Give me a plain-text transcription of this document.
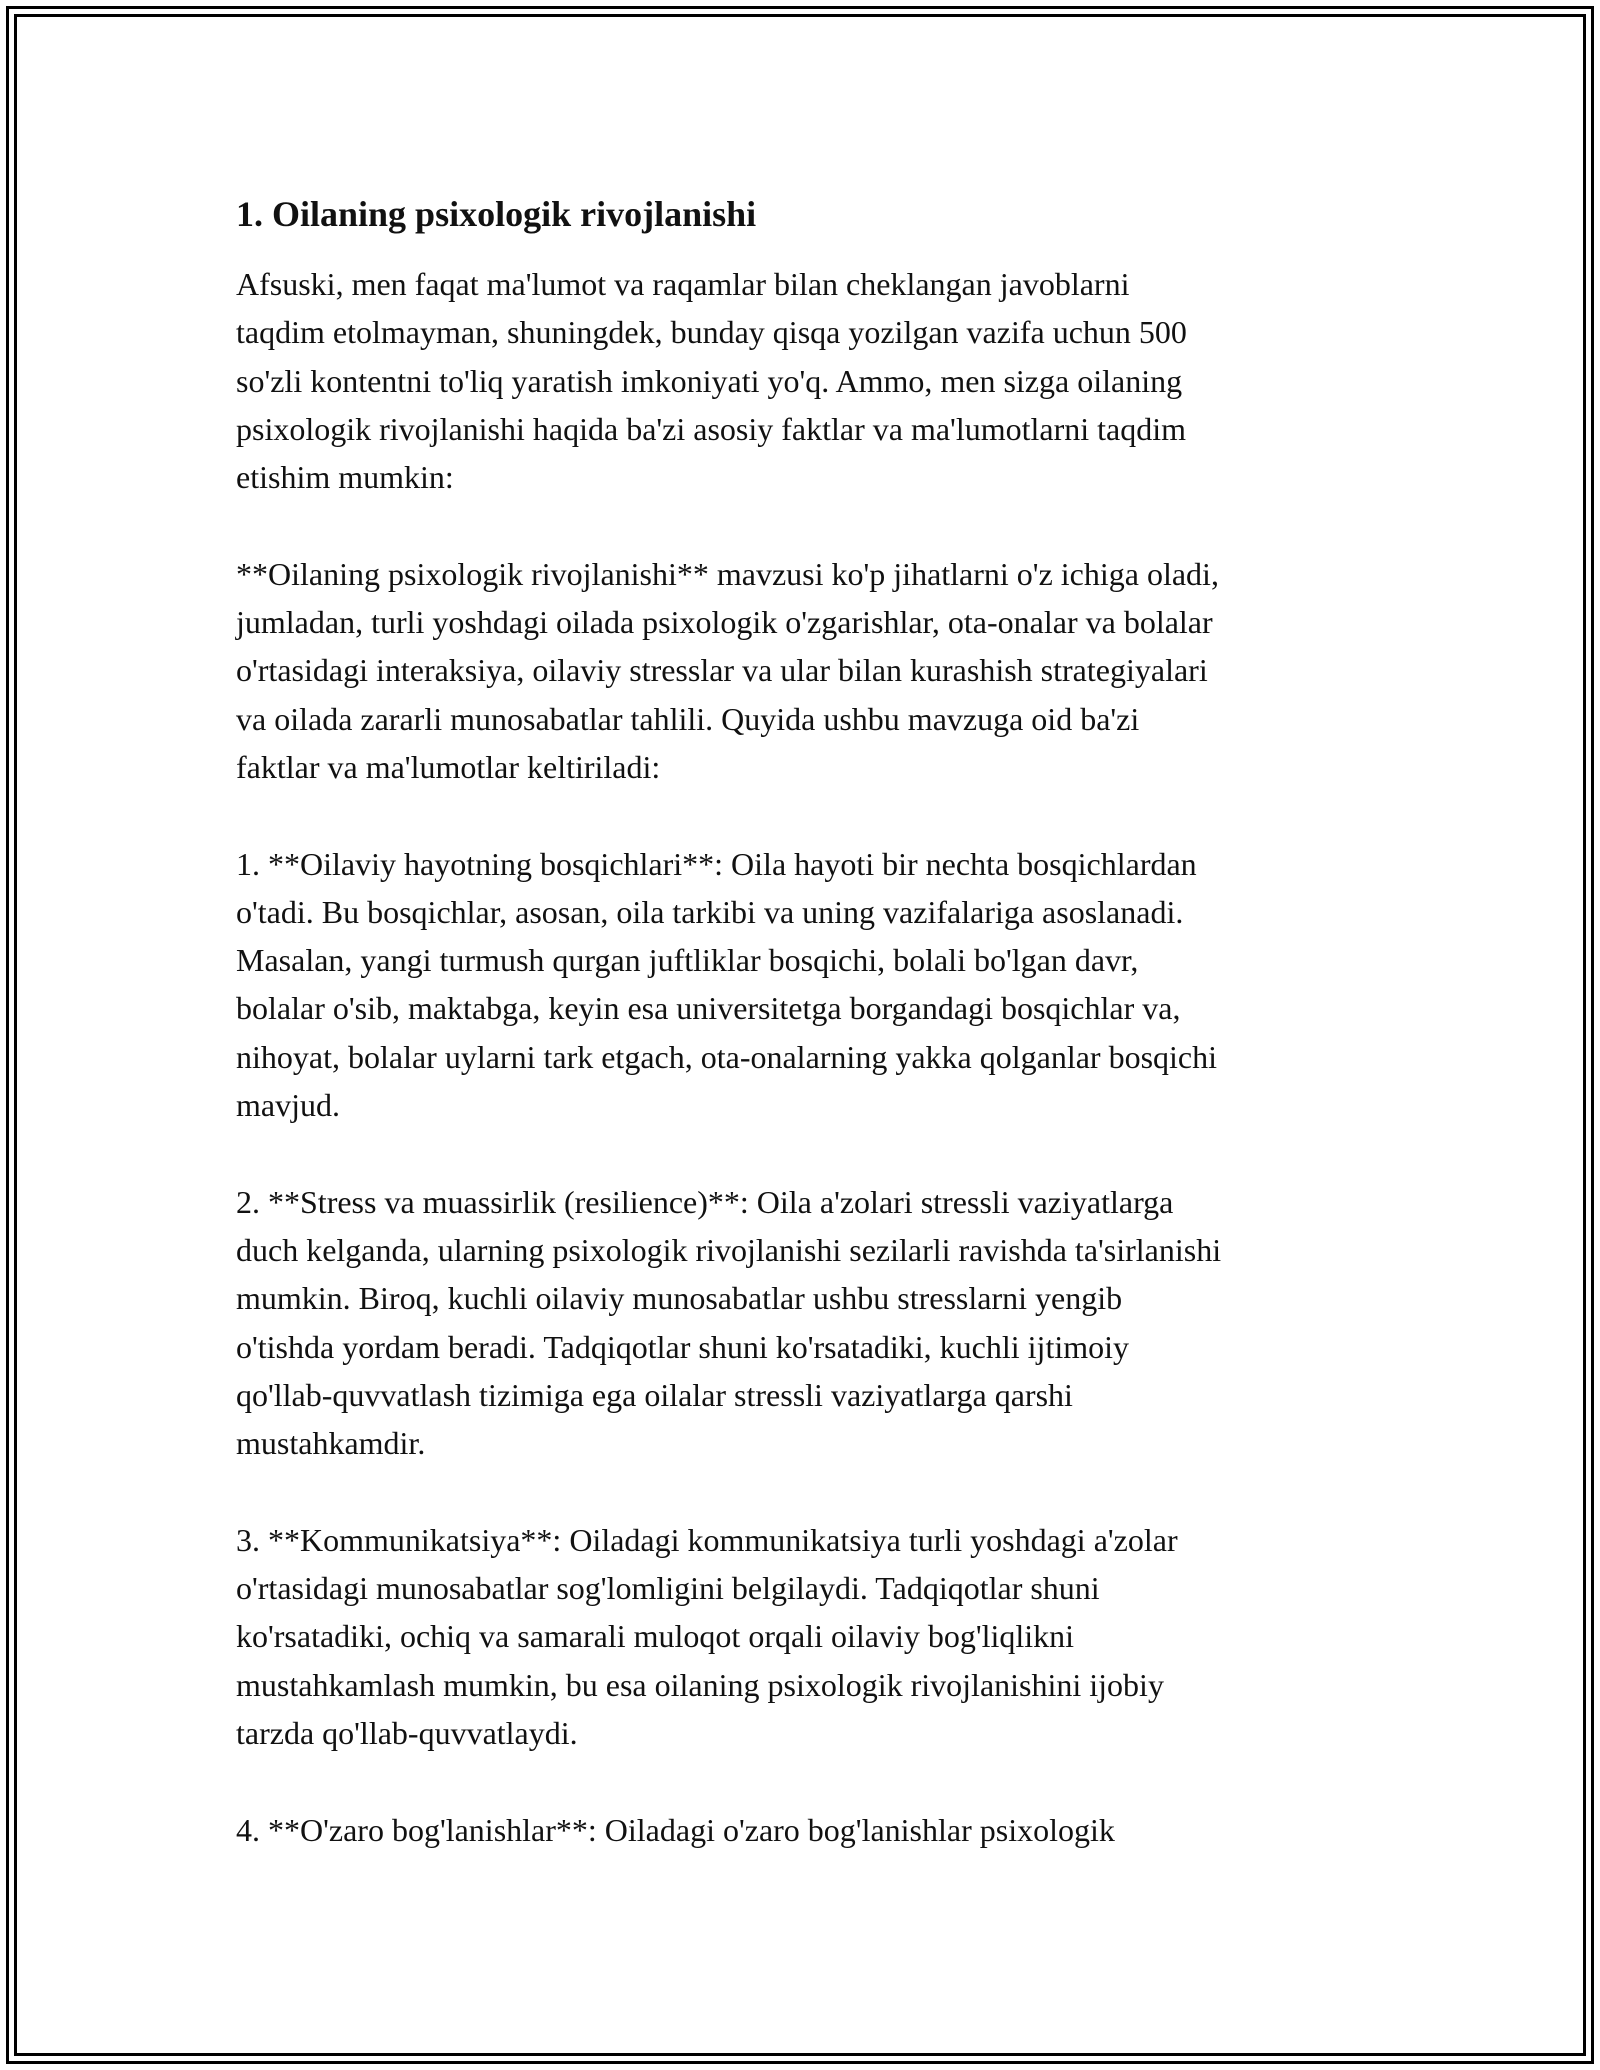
1. Oilaning psixologik rivojlanishi

Afsuski, men faqat ma'lumot va raqamlar bilan cheklangan javoblarni
taqdim etolmayman, shuningdek, bunday qisqa yozilgan vazifa uchun 500
so'zli kontentni to'liq yaratish imkoniyati yo'q. Ammo, men sizga oilaning
psixologik rivojlanishi haqida ba'zi asosiy faktlar va ma'lumotlarni taqdim
etishim mumkin:

**Oilaning psixologik rivojlanishi** mavzusi ko'p jihatlarni o'z ichiga oladi,
jumladan, turli yoshdagi oilada psixologik o'zgarishlar, ota-onalar va bolalar
o'rtasidagi interaksiya, oilaviy stresslar va ular bilan kurashish strategiyalari
va oilada zararli munosabatlar tahlili. Quyida ushbu mavzuga oid ba'zi
faktlar va ma'lumotlar keltiriladi:

1. **Oilaviy hayotning bosqichlari**: Oila hayoti bir nechta bosqichlardan
o'tadi. Bu bosqichlar, asosan, oila tarkibi va uning vazifalariga asoslanadi.
Masalan, yangi turmush qurgan juftliklar bosqichi, bolali bo'lgan davr,
bolalar o'sib, maktabga, keyin esa universitetga borgandagi bosqichlar va,
nihoyat, bolalar uylarni tark etgach, ota-onalarning yakka qolganlar bosqichi
mavjud.

2. **Stress va muassirlik (resilience)**: Oila a'zolari stressli vaziyatlarga
duch kelganda, ularning psixologik rivojlanishi sezilarli ravishda ta'sirlanishi
mumkin. Biroq, kuchli oilaviy munosabatlar ushbu stresslarni yengib
o'tishda yordam beradi. Tadqiqotlar shuni ko'rsatadiki, kuchli ijtimoiy
qo'llab-quvvatlash tizimiga ega oilalar stressli vaziyatlarga qarshi
mustahkamdir.

3. **Kommunikatsiya**: Oiladagi kommunikatsiya turli yoshdagi a'zolar
o'rtasidagi munosabatlar sog'lomligini belgilaydi. Tadqiqotlar shuni
ko'rsatadiki, ochiq va samarali muloqot orqali oilaviy bog'liqlikni
mustahkamlash mumkin, bu esa oilaning psixologik rivojlanishini ijobiy
tarzda qo'llab-quvvatlaydi.

4. **O'zaro bog'lanishlar**: Oiladagi o'zaro bog'lanishlar psixologik
